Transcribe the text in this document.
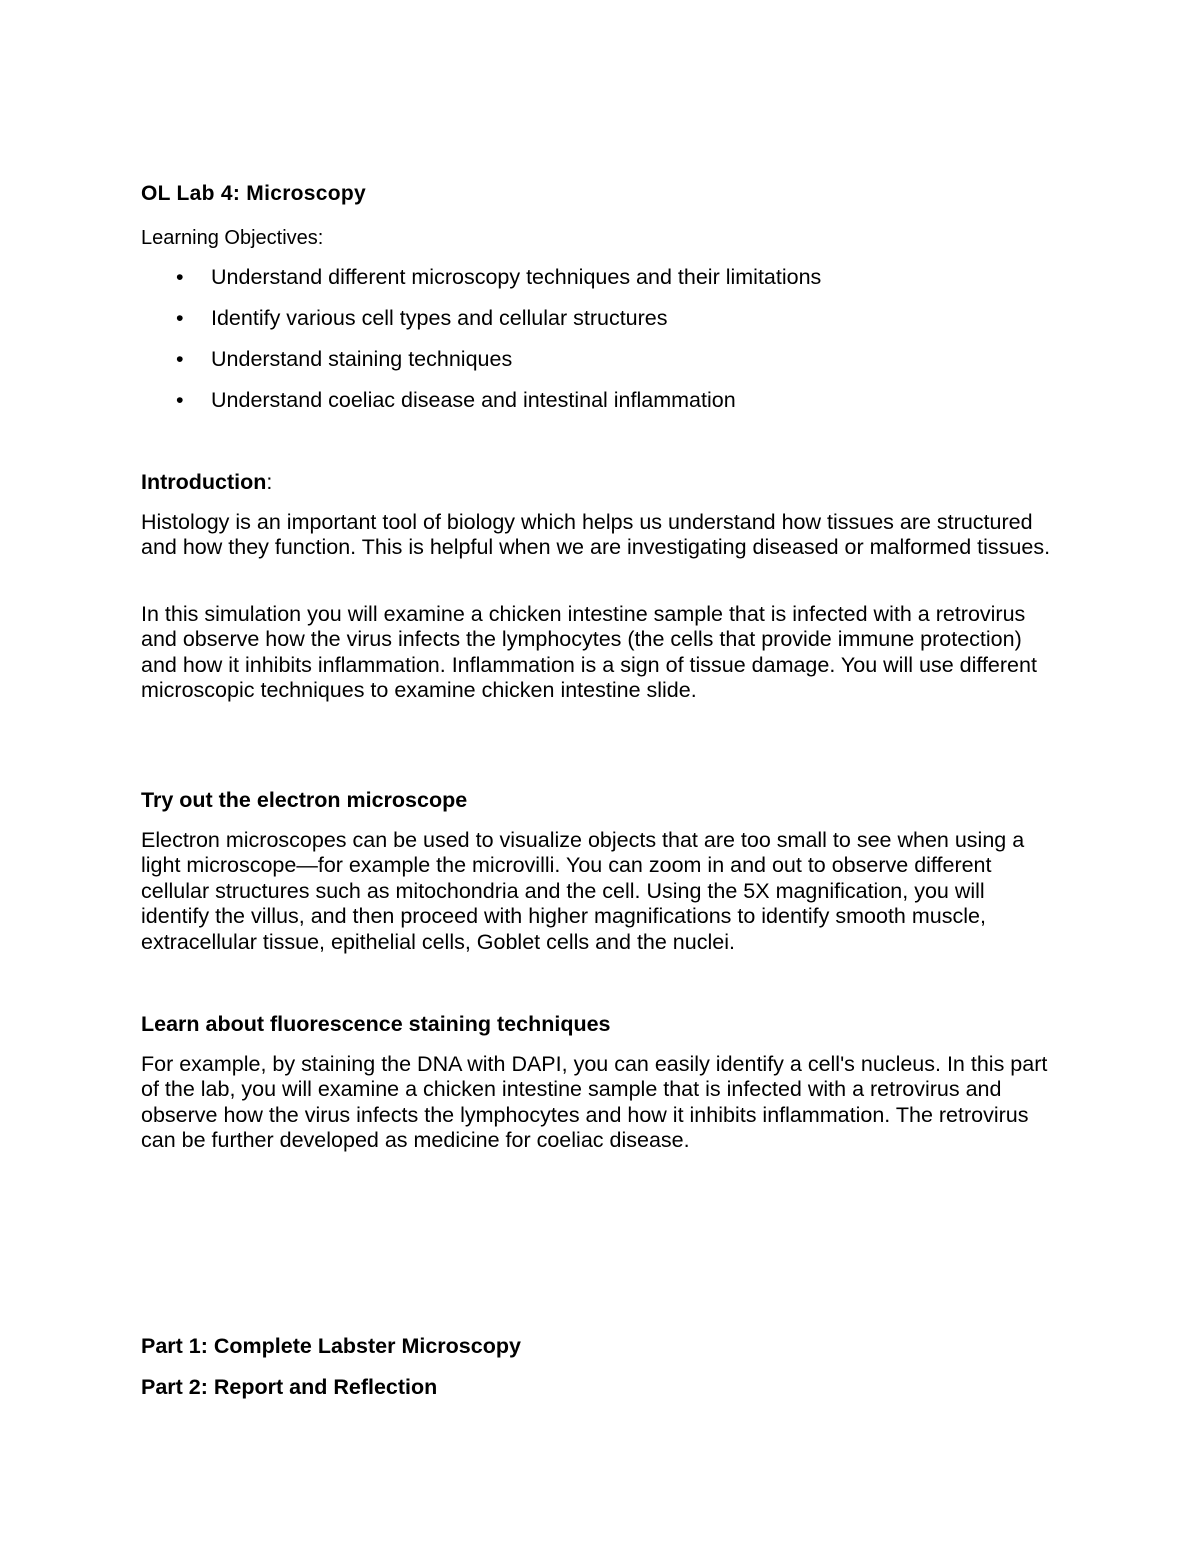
OL Lab 4: Microscopy

Learning Objectives:

• Understand different microscopy techniques and their limitations
• Identify various cell types and cellular structures
• Understand staining techniques
• Understand coeliac disease and intestinal inflammation
Introduction:

Histology is an important tool of biology which helps us understand how tissues are structured and how they function. This is helpful when we are investigating diseased or malformed tissues.

In this simulation you will examine a chicken intestine sample that is infected with a retrovirus and observe how the virus infects the lymphocytes (the cells that provide immune protection) and how it inhibits inflammation. Inflammation is a sign of tissue damage. You will use different microscopic techniques to examine chicken intestine slide.

Try out the electron microscope

Electron microscopes can be used to visualize objects that are too small to see when using a light microscope—for example the microvilli. You can zoom in and out to observe different cellular structures such as mitochondria and the cell. Using the 5X magnification, you will identify the villus, and then proceed with higher magnifications to identify smooth muscle, extracellular tissue, epithelial cells, Goblet cells and the nuclei.

Learn about fluorescence staining techniques

For example, by staining the DNA with DAPI, you can easily identify a cell's nucleus. In this part of the lab, you will examine a chicken intestine sample that is infected with a retrovirus and observe how the virus infects the lymphocytes and how it inhibits inflammation. The retrovirus can be further developed as medicine for coeliac disease.

Part 1: Complete Labster Microscopy
Part 2: Report and Reflection
